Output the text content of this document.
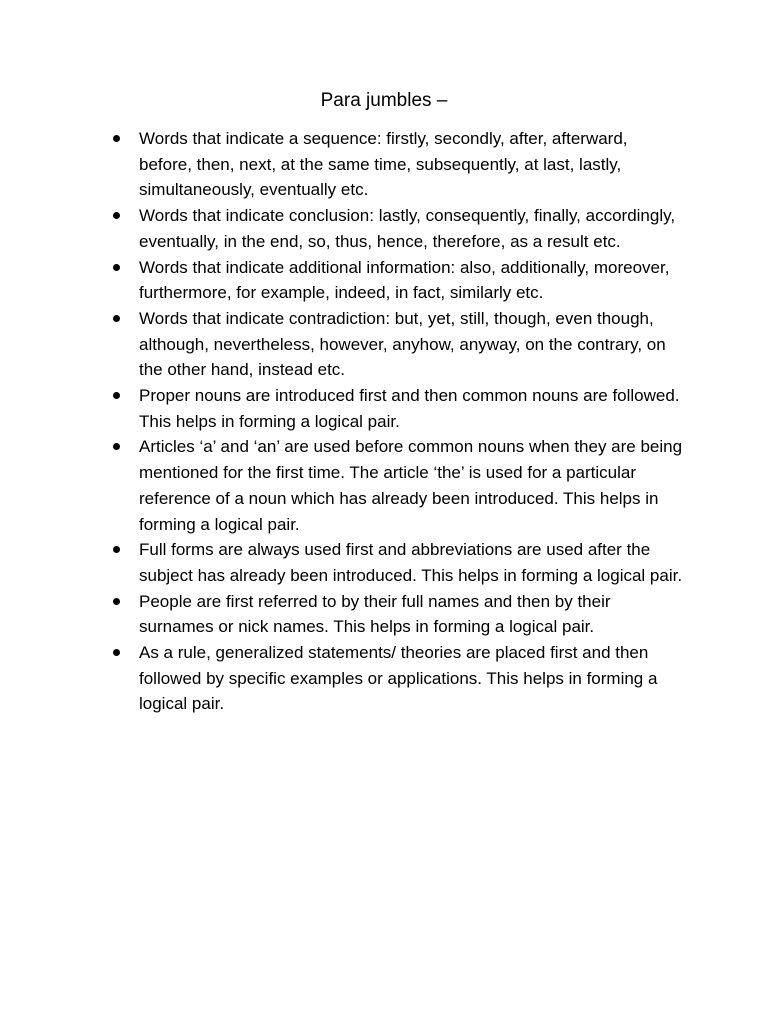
Para jumbles –
Words that indicate a sequence: firstly, secondly, after, afterward, before, then, next, at the same time, subsequently, at last, lastly, simultaneously, eventually etc.
Words that indicate conclusion: lastly, consequently, finally, accordingly, eventually, in the end, so, thus, hence, therefore, as a result etc.
Words that indicate additional information: also, additionally, moreover, furthermore, for example, indeed, in fact, similarly etc.
Words that indicate contradiction: but, yet, still, though, even though, although, nevertheless, however, anyhow, anyway, on the contrary, on the other hand, instead etc.
Proper nouns are introduced first and then common nouns are followed. This helps in forming a logical pair.
Articles ‘a’ and ‘an’ are used before common nouns when they are being mentioned for the first time. The article ‘the’ is used for a particular reference of a noun which has already been introduced. This helps in forming a logical pair.
Full forms are always used first and abbreviations are used after the subject has already been introduced. This helps in forming a logical pair.
People are first referred to by their full names and then by their surnames or nick names. This helps in forming a logical pair.
As a rule, generalized statements/ theories are placed first and then followed by specific examples or applications. This helps in forming a logical pair.
